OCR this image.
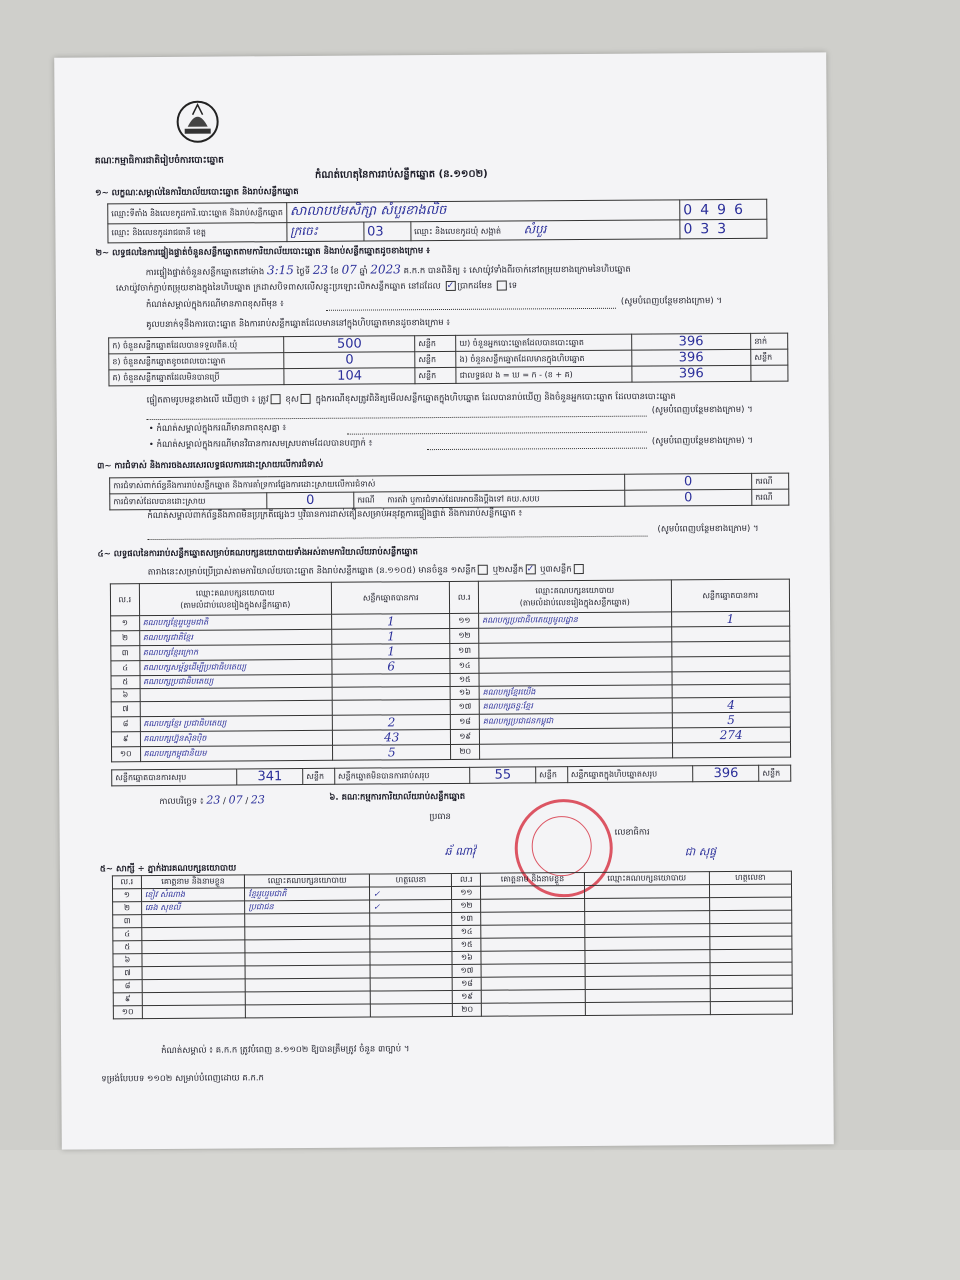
គណៈកម្មាធិការជាតិរៀបចំការបោះឆ្នោត
កំណត់ហេតុនៃការរាប់សន្លឹកឆ្នោត (ន.១១០២)
១~ លក្ខណៈសម្គាល់នៃការិយាល័យបោះឆ្នោត និងរាប់សន្លឹកឆ្នោត
ឈ្មោះទីតាំង និងលេខកូដការិ.បោះឆ្នោត និងរាប់សន្លឹកឆ្នោត	សាលាបឋមសិក្សា សំបួរខាងលិច			0496
ឈ្មោះ និងលេខកូដរាជធានី ខេត្ត	ក្រចេះ	03	ឈ្មោះ និងលេខកូដឃុំ សង្កាត់ សំបួរ	033
២~ លទ្ធផលនៃការផ្ទៀងផ្ទាត់ចំនួនសន្លឹកឆ្នោតតាមការិយាល័យបោះឆ្នោត និងរាប់សន្លឹកឆ្នោតដូចខាងក្រោម ៖
ការផ្ទៀងផ្ទាត់ចំនួនសន្លឹកឆ្នោតនៅម៉ោង 3:15 ថ្ងៃទី 23 ខែ 07 ឆ្នាំ 2023 គ.ក.ក បានពិនិត្យ ៖ សោយ៉ូវទាំងពីរចាក់នៅតម្រុយខាងក្រោមនៃហិបឆ្នោត
សោយ៉ូវចាក់ភ្ជាប់តម្រុយខាងក្នុងនៃហិបឆ្នោត ក្រដាសបិទពាសលើសន្លូះប្រឡោះលិកសន្លឹកឆ្នោត នៅដដែល ✓ ប្រាកដមែន ទេ
កំណត់សម្គាល់ក្នុងករណីមានភាពខុសពីមុន ៖	(សូមបំពេញបន្ថែមខាងក្រោម) ។
គូលបនាក់ទុនឹងការបោះឆ្នោត និងការរាប់សន្លឹកឆ្នោតដែលមាននៅក្នុងហិបឆ្នោតមានដូចខាងក្រោម ៖
ក) ចំនួនសន្លឹកឆ្នោតដែលបានទទួលពីគ.ឃុំ	500	សន្លឹក	ឃ) ចំនួនអ្នកបោះឆ្នោតដែលបានបោះឆ្នោត	396	នាក់
ខ) ចំនួនសន្លឹកឆ្នោតខូចពេលបោះឆ្នោត	0	សន្លឹក	ង) ចំនួនសន្លឹកឆ្នោតដែលមានក្នុងហិបឆ្នោត	396	សន្លឹក
គ) ចំនួនសន្លឹកឆ្នោតដែលមិនបានប្រើ	104	សន្លឹក	ជាលទ្ធផល ង = ឃ = ក - (ខ + គ)	396	
ផ្ទៀតតាមរូបមន្តខាងលើ ឃើញថា ៖ ត្រូវ ខុស ក្នុងករណីខុសត្រូវពិនិត្យមើលសន្លឹកឆ្នោតក្នុងហិបឆ្នោត ដែលបានរាប់ឃើញ និងចំនួនអ្នកបោះឆ្នោត ដែលបានបោះឆ្នោត
(សូមបំពេញបន្ថែមខាងក្រោម) ។
• កំណត់សម្គាល់ក្នុងករណីមានភាពខុសគ្នា ៖
• កំណត់សម្គាល់ក្នុងករណីមានវិធានការសមស្របតាមដែលបានបញ្ជាក់ ៖	(សូមបំពេញបន្ថែមខាងក្រោម) ។
៣~ ការជំទាស់ និងការចងសរសេរលទ្ធផលការដោះស្រាយលើការជំទាស់
ការជំទាស់ពាក់ព័ន្ធនឹងការរាប់សន្លឹកឆ្នោត និងការគាំទ្រការផ្លែងការដោះស្រាយលើការជំទាស់			0	ករណី
ការជំទាស់ដែលបានដោះស្រាយ	0	ករណី ការតវ៉ា ឬការជំទាស់ដែលអាចនឹងប្តឹងទៅ គឃ.សបប	0	ករណី
កំណត់សម្គាល់ពាក់ព័ន្ធនឹងភាពមិនប្រក្រតីផ្សេងៗ ឬវិធានការដាស់តឿនសម្រាប់អនុវត្តការផ្ទៀងផ្ទាត់ និងការរាប់សន្លឹកឆ្នោត ៖
(សូមបំពេញបន្ថែមខាងក្រោម) ។
៤~ លទ្ធផលនៃការរាប់សន្លឹកឆ្នោតសម្រាប់គណបក្សនយោបាយទាំងអស់តាមការិយាល័យរាប់សន្លឹកឆ្នោត
តារាងនេះសម្រាប់ប្រើប្រាស់តាមការិយាល័យបោះឆ្នោត និងរាប់សន្លឹកឆ្នោត (ន.១១០៥) មានចំនួន ១សន្លឹក ឬ២សន្លឹក ✓ ឬ៣សន្លឹក
ល.រ	ឈ្មោះគណបក្សនយោបាយ
(តាមលំដាប់លេខរៀងក្នុងសន្លឹកឆ្នោត)	សន្លឹកឆ្នោតបានការ	ល.រ	ឈ្មោះគណបក្សនយោបាយ
(តាមលំដាប់លេខរៀងក្នុងសន្លឹកឆ្នោត)	សន្លឹកឆ្នោតបានការ
១	គណបក្សខ្មែររួបរួមជាតិ	1	១១	គណបក្សប្រជាធិបតេយ្យមូលដ្ឋាន	1
២	គណបក្សជាតិខ្មែរ	1	១២		
៣	គណបក្សខ្មែរក្រោក	1	១៣		
៤	គណបក្សសម្ព័ន្ធដើម្បីប្រជាធិបតេយ្យ	6	១៤		
៥	គណបក្សប្រជាធិបតេយ្យ		១៥		
៦			១៦	គណបក្សខ្មែរយើង	
៧			១៧	គណបក្សឆន្ទៈខ្មែរ	4
៨	គណបក្សខ្មែរ ប្រជាធិបតេយ្យ	2	១៨	គណបក្សប្រជាជនកម្ពុជា	5
៩	គណបក្សហ្វ៊ុនស៊ិនប៉ិច	43	១៩		274
១០	គណបក្សកម្ពុជានិយម	5	២០		
សន្លឹកឆ្នោតបានការសរុប	341	សន្លឹក	សន្លឹកឆ្នោតមិនបានការរាប់សរុប	55	សន្លឹក	សន្លឹកឆ្នោតក្នុងហិបឆ្នោតសរុប	396	សន្លឹក
កាលបរិច្ឆេទ ៖ 23 / 07 / 23	៦. គណៈកម្មការការិយាល័យរាប់សន្លឹកឆ្នោត
ប្រធាន
ឆ័ ណាវ៉ុ
លេខាធិការ
ជា សុផ្វុ
៥~ សាក្សី ÷ ភ្នាក់ងារគណបក្សនយោបាយ
ល.រ	គោត្តនាម និងនាមខ្លួន	ឈ្មោះគណបក្សនយោបាយ	ហត្ថលេខា	ល.រ	គោត្តនាម និងនាមខ្លួន	ឈ្មោះគណបក្សនយោបាយ	ហត្ថលេខា
១	ខៀវ សំណាង	ខ្មែររួបរួមជាតិ	✓	១១			
២	ឆេង សុខលី	ប្រជាជន	✓	១២			
៣				១៣			
៤				១៤			
៥				១៥			
៦				១៦			
៧				១៧			
៨				១៨			
៩				១៩			
១០				២០			
កំណត់សម្គាល់ ៖ គ.ក.ក ត្រូវបំពេញ ន.១១០២ ឱ្យបានត្រឹមត្រូវ ចំនួន ៣ច្បាប់ ។
ទម្រង់បែបបទ ១១០២ សម្រាប់បំពេញដោយ គ.ក.ក
